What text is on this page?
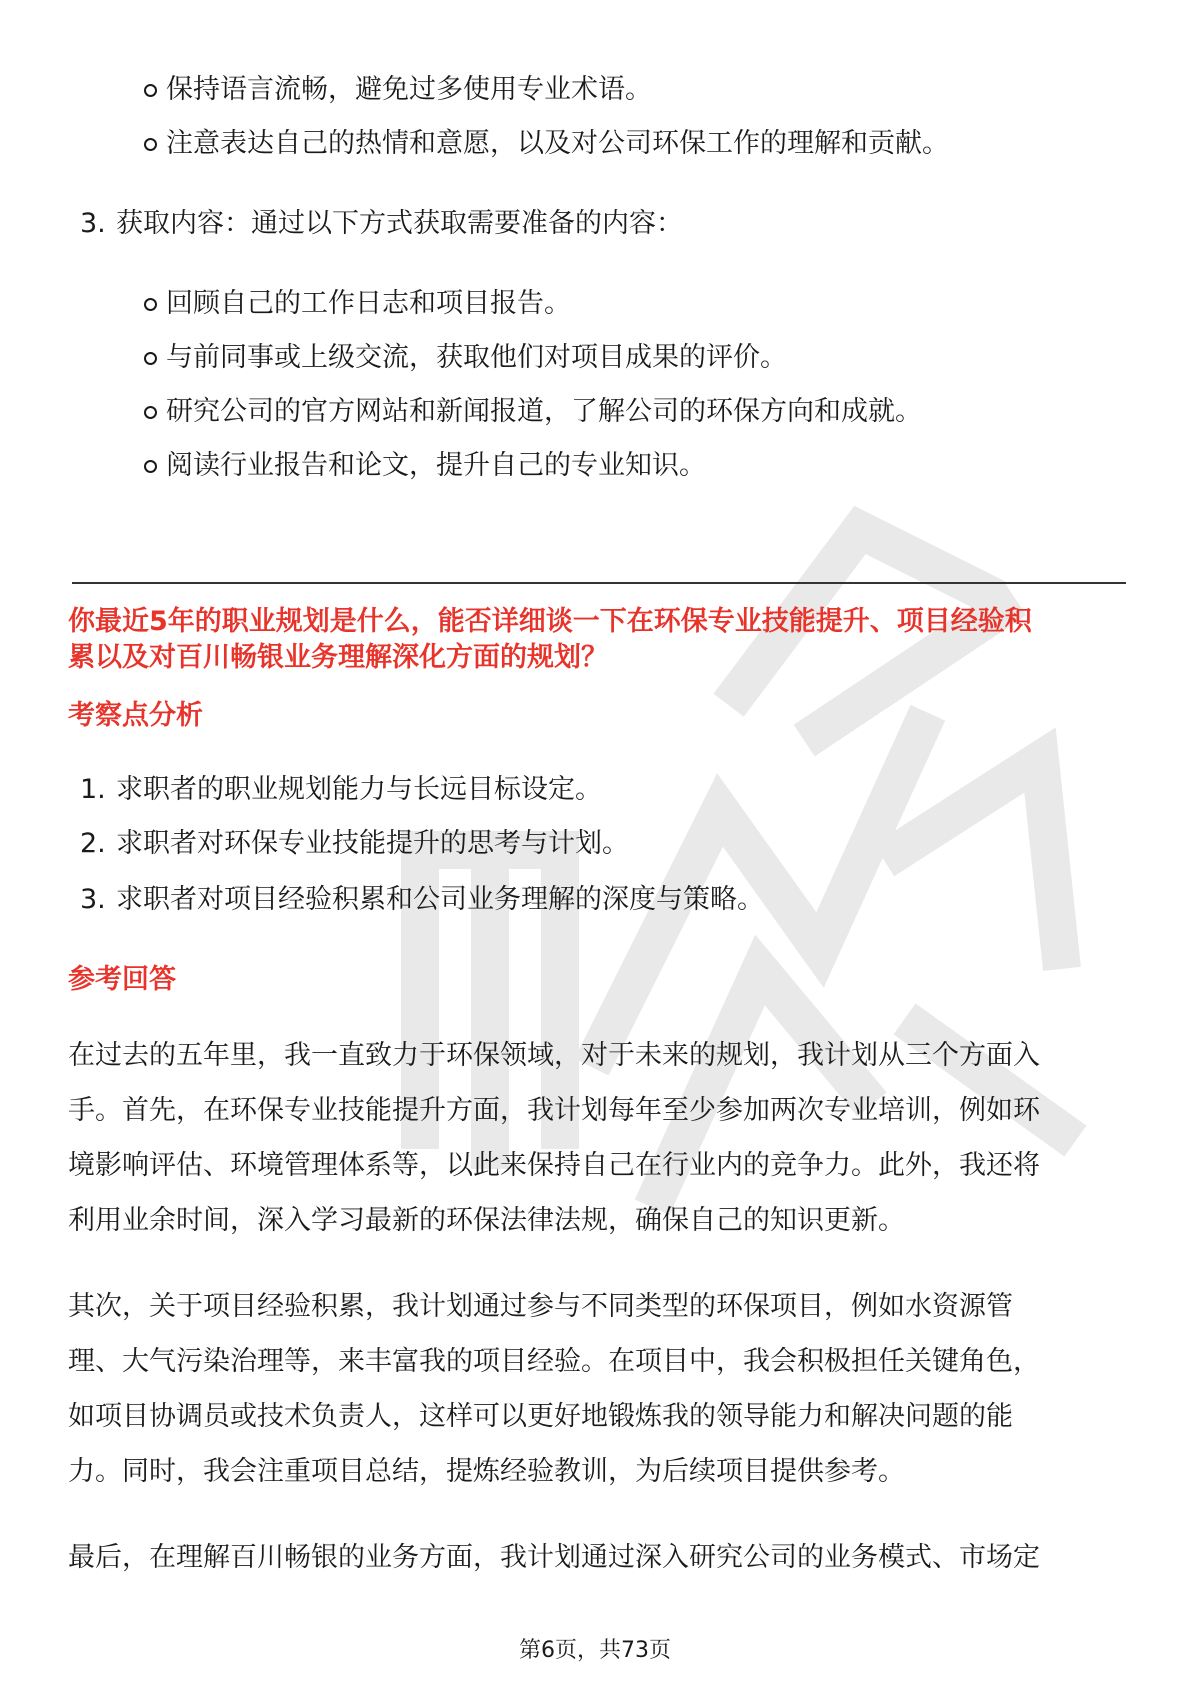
保持语言流畅，避免过多使用专业术语。
注意表达自己的热情和意愿，以及对公司环保工作的理解和贡献。
3. 获取内容：通过以下方式获取需要准备的内容：
回顾自己的工作日志和项目报告。
与前同事或上级交流，获取他们对项目成果的评价。
研究公司的官方网站和新闻报道，了解公司的环保方向和成就。
阅读行业报告和论文，提升自己的专业知识。
你最近5年的职业规划是什么，能否详细谈一下在环保专业技能提升、项目经验积
累以及对百川畅银业务理解深化方面的规划？
考察点分析
1. 求职者的职业规划能力与长远目标设定。
2. 求职者对环保专业技能提升的思考与计划。
3. 求职者对项目经验积累和公司业务理解的深度与策略。
参考回答
在过去的五年里，我一直致力于环保领域，对于未来的规划，我计划从三个方面入
手。首先，在环保专业技能提升方面，我计划每年至少参加两次专业培训，例如环
境影响评估、环境管理体系等，以此来保持自己在行业内的竞争力。此外，我还将
利用业余时间，深入学习最新的环保法律法规，确保自己的知识更新。
其次，关于项目经验积累，我计划通过参与不同类型的环保项目，例如水资源管
理、大气污染治理等，来丰富我的项目经验。在项目中，我会积极担任关键角色，
如项目协调员或技术负责人，这样可以更好地锻炼我的领导能力和解决问题的能
力。同时，我会注重项目总结，提炼经验教训，为后续项目提供参考。
最后，在理解百川畅银的业务方面，我计划通过深入研究公司的业务模式、市场定
第6页，共73页
